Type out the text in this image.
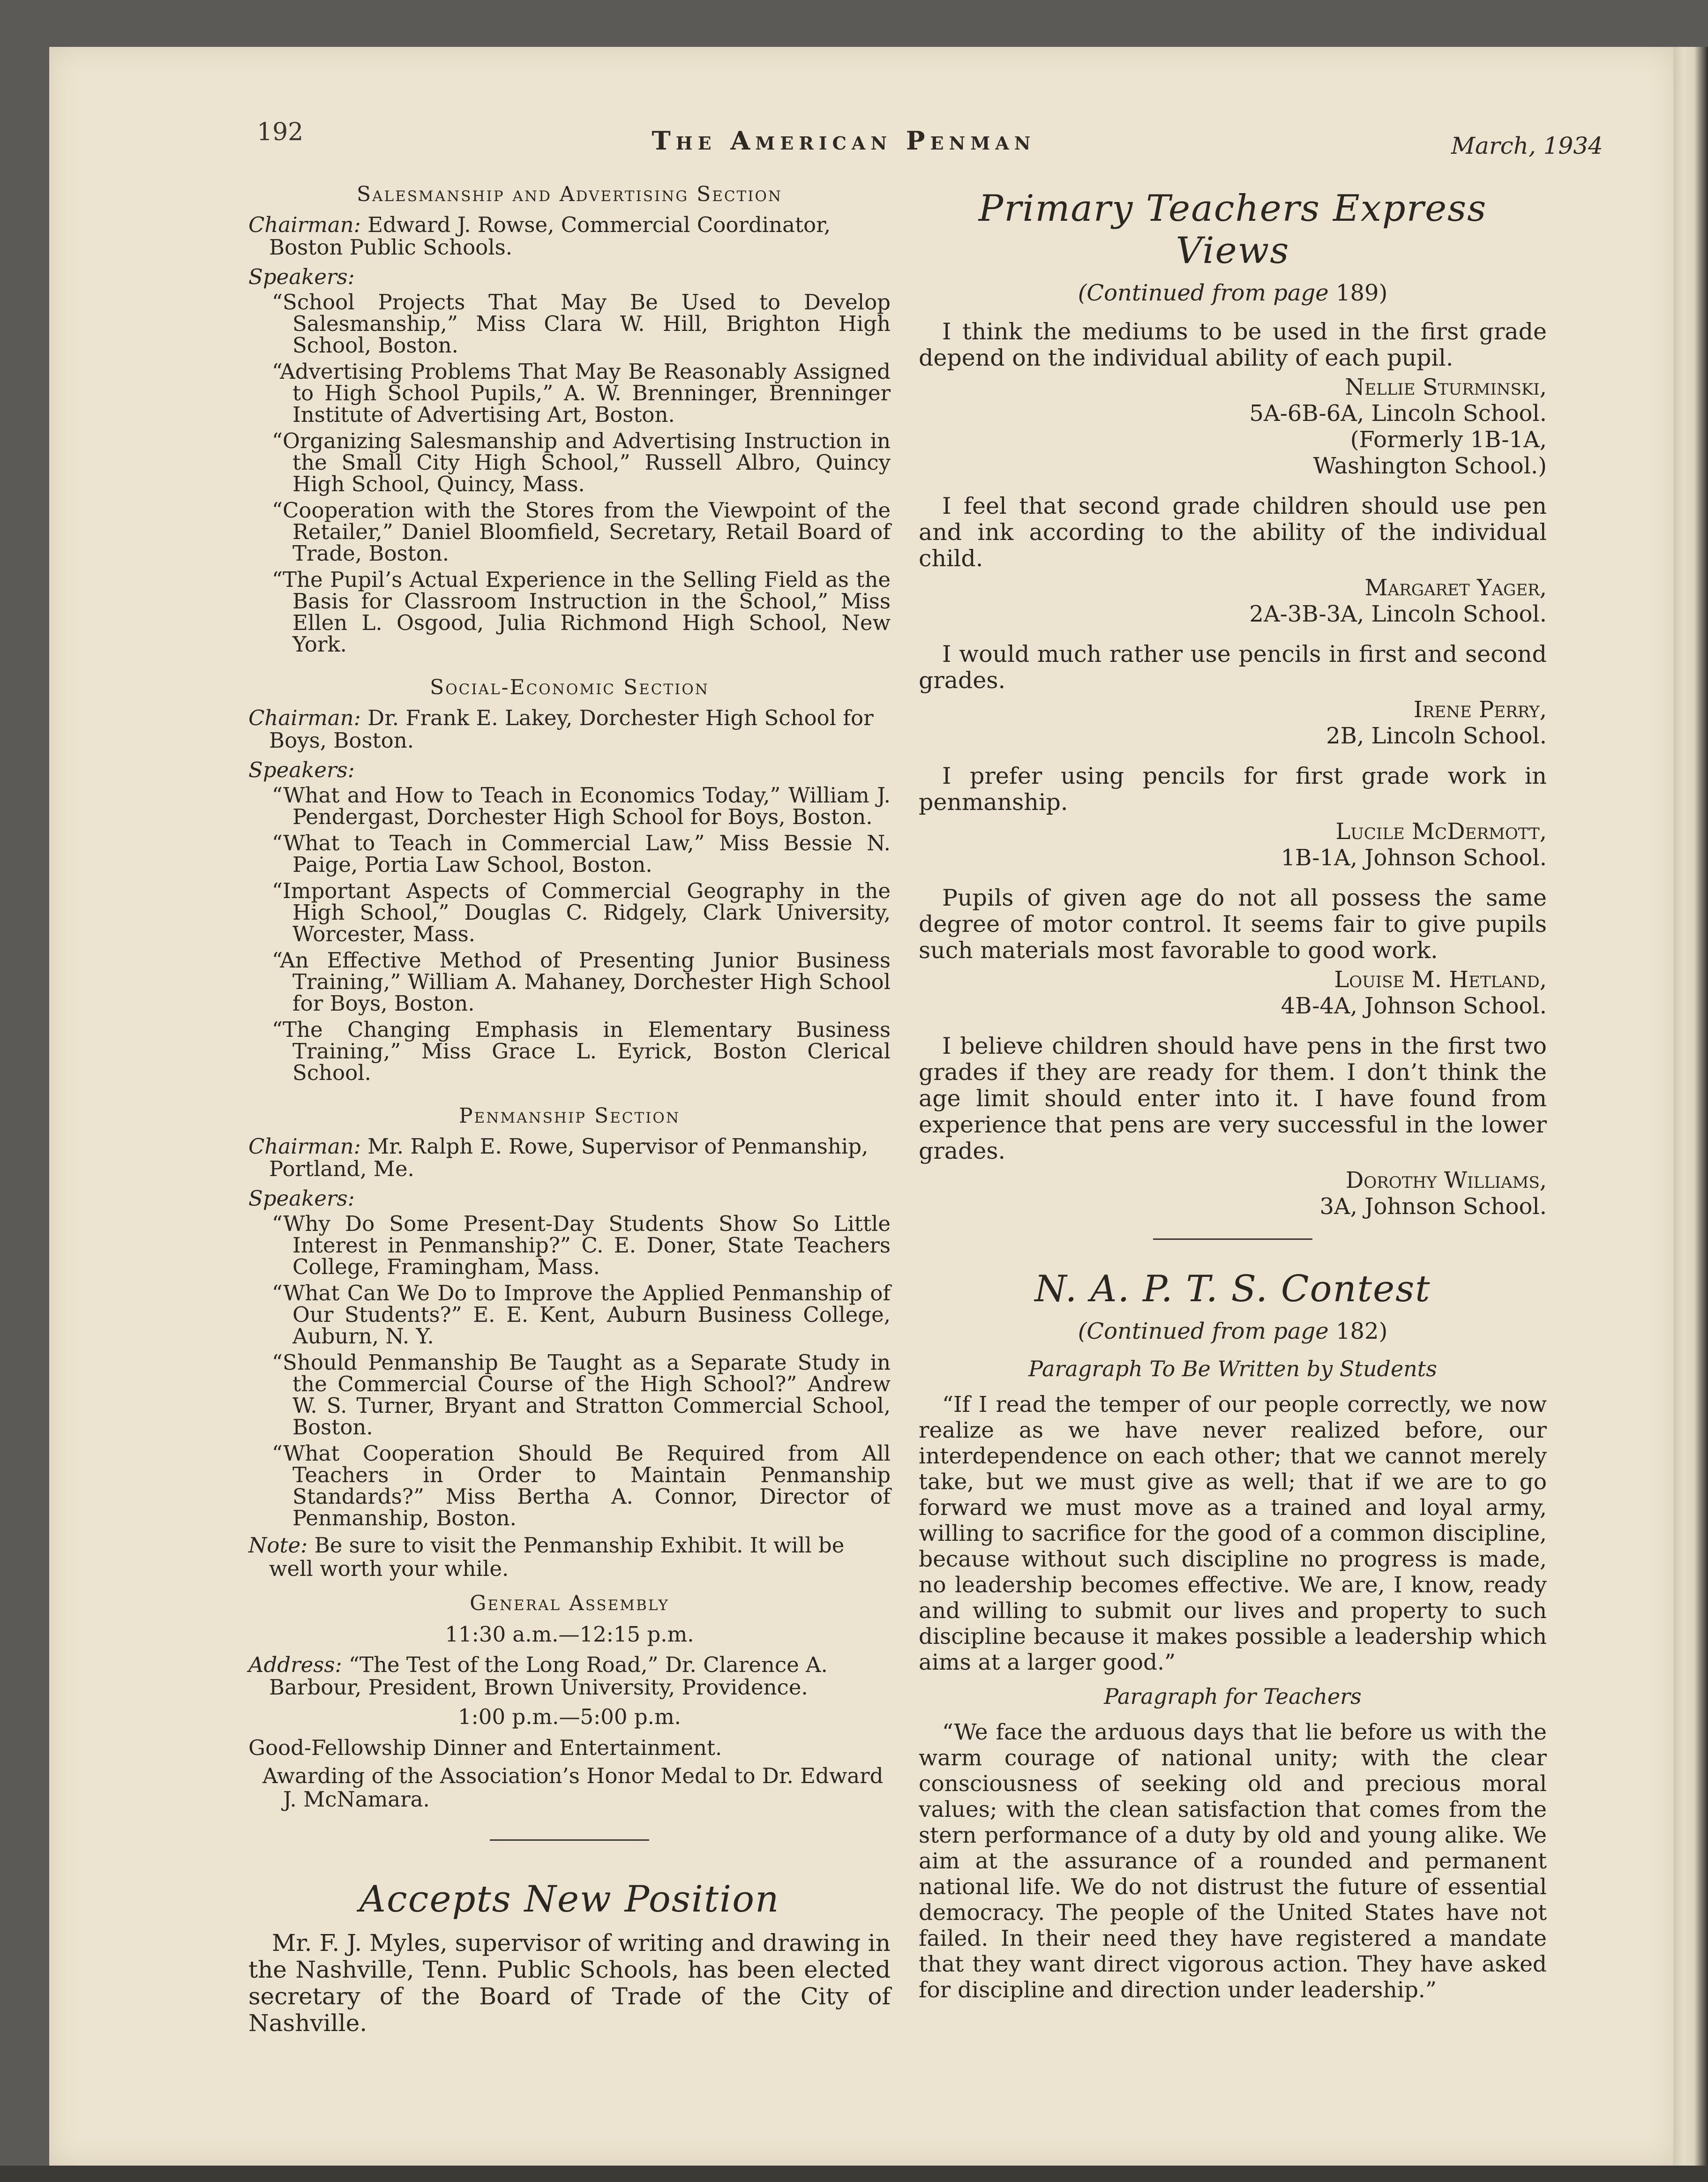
192	The American Penman	March, 1934
Salesmanship and Advertising Section
Chairman: Edward J. Rowse, Commercial Coordinator, Boston Public Schools.
Speakers:
“School Projects That May Be Used to Develop Salesmanship,” Miss Clara W. Hill, Brighton High School, Boston.
“Advertising Problems That May Be Reasonably Assigned to High School Pupils,” A. W. Brenninger, Brenninger Institute of Advertising Art, Boston.
“Organizing Salesmanship and Advertising Instruction in the Small City High School,” Russell Albro, Quincy High School, Quincy, Mass.
“Cooperation with the Stores from the Viewpoint of the Retailer,” Daniel Bloomfield, Secretary, Retail Board of Trade, Boston.
“The Pupil’s Actual Experience in the Selling Field as the Basis for Classroom Instruction in the School,” Miss Ellen L. Osgood, Julia Richmond High School, New York.
Social-Economic Section
Chairman: Dr. Frank E. Lakey, Dorchester High School for Boys, Boston.
Speakers:
“What and How to Teach in Economics Today,” William J. Pendergast, Dorchester High School for Boys, Boston.
“What to Teach in Commercial Law,” Miss Bessie N. Paige, Portia Law School, Boston.
“Important Aspects of Commercial Geography in the High School,” Douglas C. Ridgely, Clark University, Worcester, Mass.
“An Effective Method of Presenting Junior Business Training,” William A. Mahaney, Dorchester High School for Boys, Boston.
“The Changing Emphasis in Elementary Business Training,” Miss Grace L. Eyrick, Boston Clerical School.
Penmanship Section
Chairman: Mr. Ralph E. Rowe, Supervisor of Penmanship, Portland, Me.
Speakers:
“Why Do Some Present-Day Students Show So Little Interest in Penmanship?” C. E. Doner, State Teachers College, Framingham, Mass.
“What Can We Do to Improve the Applied Penmanship of Our Students?” E. E. Kent, Auburn Business College, Auburn, N. Y.
“Should Penmanship Be Taught as a Separate Study in the Commercial Course of the High School?” Andrew W. S. Turner, Bryant and Stratton Commercial School, Boston.
“What Cooperation Should Be Required from All Teachers in Order to Maintain Penmanship Standards?” Miss Bertha A. Connor, Director of Penmanship, Boston.
Note: Be sure to visit the Penmanship Exhibit. It will be well worth your while.
General Assembly
11:30 a.m.—12:15 p.m.
Address: “The Test of the Long Road,” Dr. Clarence A. Barbour, President, Brown University, Providence.
1:00 p.m.—5:00 p.m.
Good-Fellowship Dinner and Entertainment.
Awarding of the Association’s Honor Medal to Dr. Edward J. McNamara.
Accepts New Position

Mr. F. J. Myles, supervisor of writing and drawing in the Nashville, Tenn. Public Schools, has been elected secretary of the Board of Trade of the City of Nashville.

Primary Teachers Express Views
(Continued from page 189)

I think the mediums to be used in the first grade depend on the individual ability of each pupil.

Nellie Sturminski,

5A-6B-6A, Lincoln School.

(Formerly 1B-1A,

Washington School.)

I feel that second grade children should use pen and ink according to the ability of the individual child.

Margaret Yager,

2A-3B-3A, Lincoln School.

I would much rather use pencils in first and second grades.

Irene Perry,

2B, Lincoln School.

I prefer using pencils for first grade work in penmanship.

Lucile McDermott,

1B-1A, Johnson School.

Pupils of given age do not all possess the same degree of motor control. It seems fair to give pupils such materials most favorable to good work.

Louise M. Hetland,

4B-4A, Johnson School.

I believe children should have pens in the first two grades if they are ready for them. I don’t think the age limit should enter into it. I have found from experience that pens are very successful in the lower grades.

Dorothy Williams,

3A, Johnson School.

N. A. P. T. S. Contest
(Continued from page 182)
Paragraph To Be Written by Students

“If I read the temper of our people correctly, we now realize as we have never realized before, our interdependence on each other; that we cannot merely take, but we must give as well; that if we are to go forward we must move as a trained and loyal army, willing to sacrifice for the good of a common discipline, because without such discipline no progress is made, no leadership becomes effective. We are, I know, ready and willing to submit our lives and property to such discipline because it makes possible a leadership which aims at a larger good.”

Paragraph for Teachers

“We face the arduous days that lie before us with the warm courage of national unity; with the clear consciousness of seeking old and precious moral values; with the clean satisfaction that comes from the stern performance of a duty by old and young alike. We aim at the assurance of a rounded and permanent national life. We do not distrust the future of essential democracy. The people of the United States have not failed. In their need they have registered a mandate that they want direct vigorous action. They have asked for discipline and direction under leadership.”
